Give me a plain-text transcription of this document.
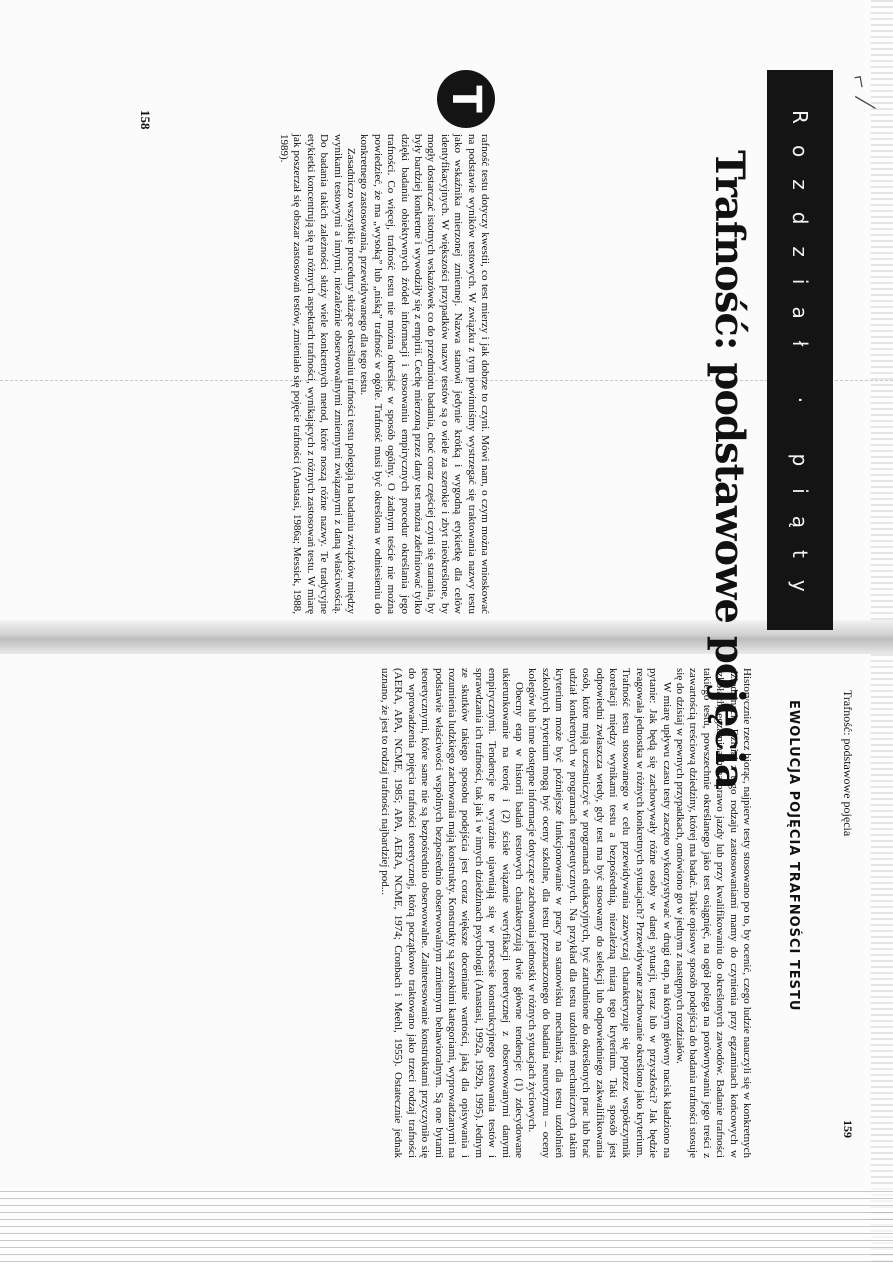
⌐ ⟋
Rozdział · piąty
Trafność: podstawowe pojęcia
T

rafność testu dotyczy kwestii, co test mierzy i jak dobrze to czyni. Mówi nam, o czym można wnioskować na podstawie wyników testowych. W związku z tym powinniśmy wystrzegać się traktowania nazwy testu jako wskaźnika mierzonej zmiennej. Nazwa stanowi jedynie krótką i wygodną etykietkę dla celów identyfikacyjnych. W większości przypadków nazwy testów są o wiele za szerokie i zbyt nieokreślone, by mogły dostarczać istotnych wskazówek co do przedmiotu badania, choć coraz częściej czyni się starania, by były bardziej konkretne i wywodziły się z empirii. Cechę mierzoną przez dany test można zdefiniować tylko dzięki badaniu obiektywnych źródeł informacji i stosowaniu empirycznych procedur określania jego trafności. Co więcej, trafność testu nie można określać w sposób ogólny. O żadnym teście nie można powiedzieć, że ma „wysoką” lub „niską” trafność w ogóle. Trafność musi być określona w odniesieniu do konkretnego zastosowania, przewidywanego dla tego testu.

Zasadniczo wszystkie procedury służące określaniu trafności testu polegają na badaniu związków między wynikami testowymi a innymi, niezależnie obserwowalnymi zmiennymi związanymi z daną właściwością. Do badania takich zależności służy wiele konkretnych metod, które noszą różne nazwy. Te tradycyjne etykietki koncentrują się na różnych aspektach trafności, wynikających z różnych zastosowań testu. W miarę jak poszerzał się obszar zastosowań testów, zmieniało się pojęcie trafności (Anastasi, 1986a; Messick, 1988, 1989).

158
Trafność: podstawowe pojęcia
159
EWOLUCJA POJĘCIA TRAFNOŚCI TESTU

Historycznie rzecz biorąc, najpierw testy stosowano po to, by ocenić, czego ludzie nauczyli się w konkretnych dziedzinach. Dzisiaj z tego rodzaju zastosowaniami mamy do czynienia przy egzaminach końcowych w szkołach, egzaminach na prawo jazdy lub przy kwalifikowaniu do określonych zawodów. Badanie trafności takiego testu, powszechnie określanego jako test osiągnięć, na ogół polega na porównywaniu jego treści z zawartością treściową dziedziny, której ma badać. Takie opisowy sposób podejścia do badania trafności stosuje się do dzisiaj w pewnych przypadkach, omówiono go w jednym z następnych rozdziałów.

W miarę upływu czasu testy zaczęto wykorzystywać w drugi etap, na którym główny nacisk kładziono na pytanie: Jak będą się zachowywały różne osoby w danej sytuacji, teraz lub w przyszłości? Jak będzie reagowała jednostka w różnych konkretnych sytuacjach? Przewidywane zachowanie określono jako kryterium. Trafność testu stosowanego w celu przewidywania zazwyczaj charakteryzuje się poprzez współczynnik korelacji między wynikami testu a bezpośrednią, niezależną miarą tego kryterium. Taki sposób jest odpowiedni zwłaszcza wtedy, gdy test ma być stosowany do selekcji lub odpowiedniego zakwalifikowania osób, które mają uczestniczyć w programach edukacyjnych, być zatrudnione do określonych prac lub brać udział konkretnych w programach terapeutycznych. Na przykład dla testu uzdolnień mechanicznych takim kryterium może być późniejsze funkcjonowanie w pracy na stanowisku mechanika; dla testu uzdolnień szkolnych kryterium mogą być oceny szkolne, dla testu przeznaczonego do badania neurotyzmu – oceny kolegów lub inne dostępne informacje dotyczące zachowania jednostki w różnych sytuacjach życiowych.

Obecny etap w historii badań testowych charakteryzują dwie główne tendencje: (1) zdecydowane ukierunkowanie na teorię i (2) ścisłe wiązanie weryfikacji teoretycznej z obserwowanymi danymi empirycznymi. Tendencje te wyraźnie ujawniają się w procesie konstrukcyjnego testowania testów i sprawdzania ich trafności, tak jak i w innych dziedzinach psychologii (Anastasi, 1992a, 1992b, 1995). Jednym ze skutków takiego sposobu podejścia jest coraz większe docenianie wartości, jaką dla opisywania i rozumienia ludzkiego zachowania mają konstrukty. Konstrukty są szerokimi kategoriami, wyprowadzanymi na podstawie właściwości wspólnych bezpośrednio obserwowalnym zmiennym behawioralnym. Są one bytami teoretycznymi, które same nie są bezpośrednio obserwowalne. Zainteresowanie konstruktami przyczyniło się do wprowadzenia pojęcia trafności teoretycznej, którą początkowo traktowano jako trzeci rodzaj trafności (AERA, APA, NCME, 1985; APA, AERA, NCME, 1974; Cronbach i Meehl, 1955). Ostatecznie jednak uznano, że jest to rodzaj trafności najbardziej pod...
